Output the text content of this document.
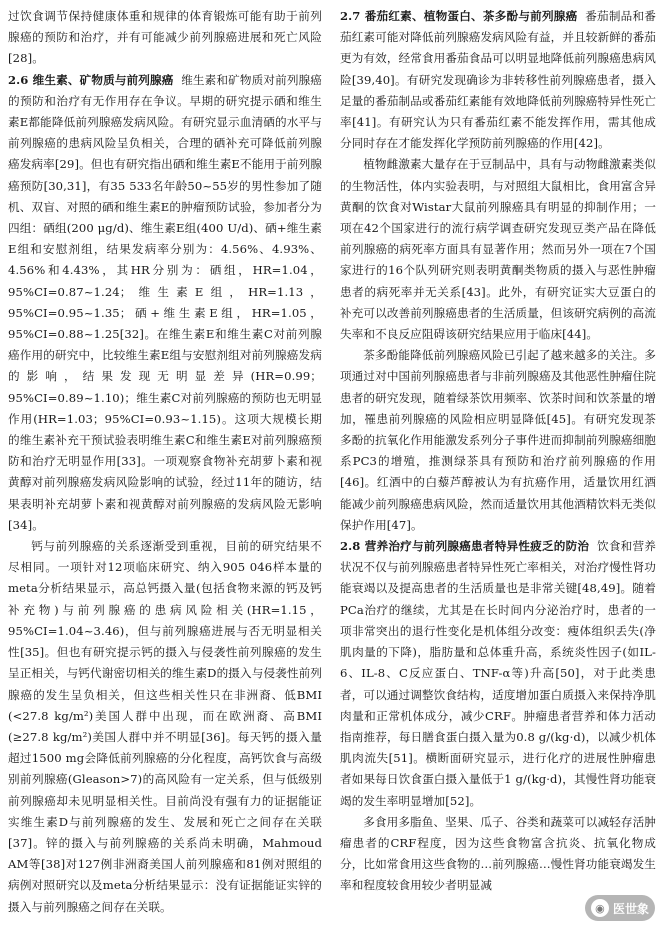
过饮食调节保持健康体重和规律的体育锻炼可能有助于前列腺癌的预防和治疗，并有可能减少前列腺癌进展和死亡风险[28]。

2.6 维生素、矿物质与前列腺癌 维生素和矿物质对前列腺癌的预防和治疗有无作用存在争议。早期的研究提示硒和维生素E都能降低前列腺癌发病风险。有研究显示血清硒的水平与前列腺癌的患病风险呈负相关，合理的硒补充可降低前列腺癌发病率[29]。但也有研究指出硒和维生素E不能用于前列腺癌预防[30,31]，有35 533名年龄50~55岁的男性参加了随机、双盲、对照的硒和维生素E的肿瘤预防试验，参加者分为四组：硒组(200 μg/d)、维生素E组(400 U/d)、硒+维生素E组和安慰剂组，结果发病率分别为：4.56%、4.93%、4.56%和4.43%，其HR分别为：硒组，HR=1.04，95%CI=0.87~1.24；维生素E组，HR=1.13，95%CI=0.95~1.35；硒+维生素E组，HR=1.05，95%CI=0.88~1.25[32]。在维生素E和维生素C对前列腺癌作用的研究中，比较维生素E组与安慰剂组对前列腺癌发病的影响，结果发现无明显差异(HR=0.99；95%CI=0.89~1.10)；维生素C对前列腺癌的预防也无明显作用(HR=1.03；95%CI=0.93~1.15)。这项大规模长期的维生素补充干预试验表明维生素C和维生素E对前列腺癌预防和治疗无明显作用[33]。一项观察食物补充胡萝卜素和视黄醇对前列腺癌发病风险影响的试验，经过11年的随访，结果表明补充胡萝卜素和视黄醇对前列腺癌的发病风险无影响[34]。

钙与前列腺癌的关系逐渐受到重视，目前的研究结果不尽相同。一项针对12项临床研究、纳入905 046样本量的meta分析结果显示，高总钙摄入量(包括食物来源的钙及钙补充物)与前列腺癌的患病风险相关(HR=1.15，95%CI=1.04~3.46)，但与前列腺癌进展与否无明显相关性[35]。但也有研究提示钙的摄入与侵袭性前列腺癌的发生呈正相关，与钙代谢密切相关的维生素D的摄入与侵袭性前列腺癌的发生呈负相关，但这些相关性只在非洲裔、低BMI (<27.8 kg/m²)美国人群中出现，而在欧洲裔、高BMI (≥27.8 kg/m²)美国人群中并不明显[36]。每天钙的摄入量超过1500 mg会降低前列腺癌的分化程度，高钙饮食与高级别前列腺癌(Gleason>7)的高风险有一定关系，但与低级别前列腺癌却未见明显相关性。目前尚没有强有力的证据能证实维生素D与前列腺癌的发生、发展和死亡之间存在关联[37]。锌的摄入与前列腺癌的关系尚未明确，Mahmoud AM等[38]对127例非洲裔美国人前列腺癌和81例对照组的病例对照研究以及meta分析结果显示：没有证据能证实锌的摄入与前列腺癌之间存在关联。

2.7 番茄红素、植物蛋白、茶多酚与前列腺癌 番茄制品和番茄红素可能对降低前列腺癌发病风险有益，并且较新鲜的番茄更为有效，经常食用番茄食品可以明显地降低前列腺癌患病风险[39,40]。有研究发现确诊为非转移性前列腺癌患者，摄入足量的番茄制品或番茄红素能有效地降低前列腺癌特异性死亡率[41]。有研究认为只有番茄红素不能发挥作用，需其他成分同时存在才能发挥化学预防前列腺癌的作用[42]。

植物雌激素大量存在于豆制品中，具有与动物雌激素类似的生物活性，体内实验表明，与对照组大鼠相比，食用富含异黄酮的饮食对Wistar大鼠前列腺癌具有明显的抑制作用；一项在42个国家进行的流行病学调查研究发现豆类产品在降低前列腺癌的病死率方面具有显著作用；然而另外一项在7个国家进行的16个队列研究则表明黄酮类物质的摄入与恶性肿瘤患者的病死率并无关系[43]。此外，有研究证实大豆蛋白的补充可以改善前列腺癌患者的生活质量，但该研究病例的高流失率和不良反应阻碍该研究结果应用于临床[44]。

茶多酚能降低前列腺癌风险已引起了越来越多的关注。多项通过对中国前列腺癌患者与非前列腺癌及其他恶性肿瘤住院患者的研究发现，随着绿茶饮用频率、饮茶时间和饮茶量的增加，罹患前列腺癌的风险相应明显降低[45]。有研究发现茶多酚的抗氧化作用能激发系列分子事件进而抑制前列腺癌细胞系PC3的增殖，推测绿茶具有预防和治疗前列腺癌的作用[46]。红酒中的白藜芦醇被认为有抗癌作用，适量饮用红酒能减少前列腺癌患病风险，然而适量饮用其他酒精饮料无类似保护作用[47]。

2.8 营养治疗与前列腺癌患者特异性疲乏的防治 饮食和营养状况不仅与前列腺癌患者特异性死亡率相关，对治疗慢性肾功能衰竭以及提高患者的生活质量也是非常关键[48,49]。随着PCa治疗的继续，尤其是在长时间内分泌治疗时，患者的一项非常突出的退行性变化是机体组分改变：瘦体组织丢失(净肌肉量的下降)，脂肪量和总体重升高，系统炎性因子(如IL-6、IL-8、C反应蛋白、TNF-α等)升高[50]，对于此类患者，可以通过调整饮食结构，适度增加蛋白质摄入来保持净肌肉量和正常机体成分，减少CRF。肿瘤患者营养和体力活动指南推荐，每日膳食蛋白摄入量为0.8 g/(kg·d)，以减少机体肌肉流失[51]。横断面研究显示，进行化疗的进展性肿瘤患者如果每日饮食蛋白摄入量低于1 g/(kg·d)，其慢性肾功能衰竭的发生率明显增加[52]。

多食用多脂鱼、坚果、瓜子、谷类和蔬菜可以减轻存活肿瘤患者的CRF程度，因为这些食物富含抗炎、抗氧化物成分，比如常食用这些食物的…前列腺癌…慢性肾功能衰竭发生率和程度较食用较少者明显减

◉ 医世象
